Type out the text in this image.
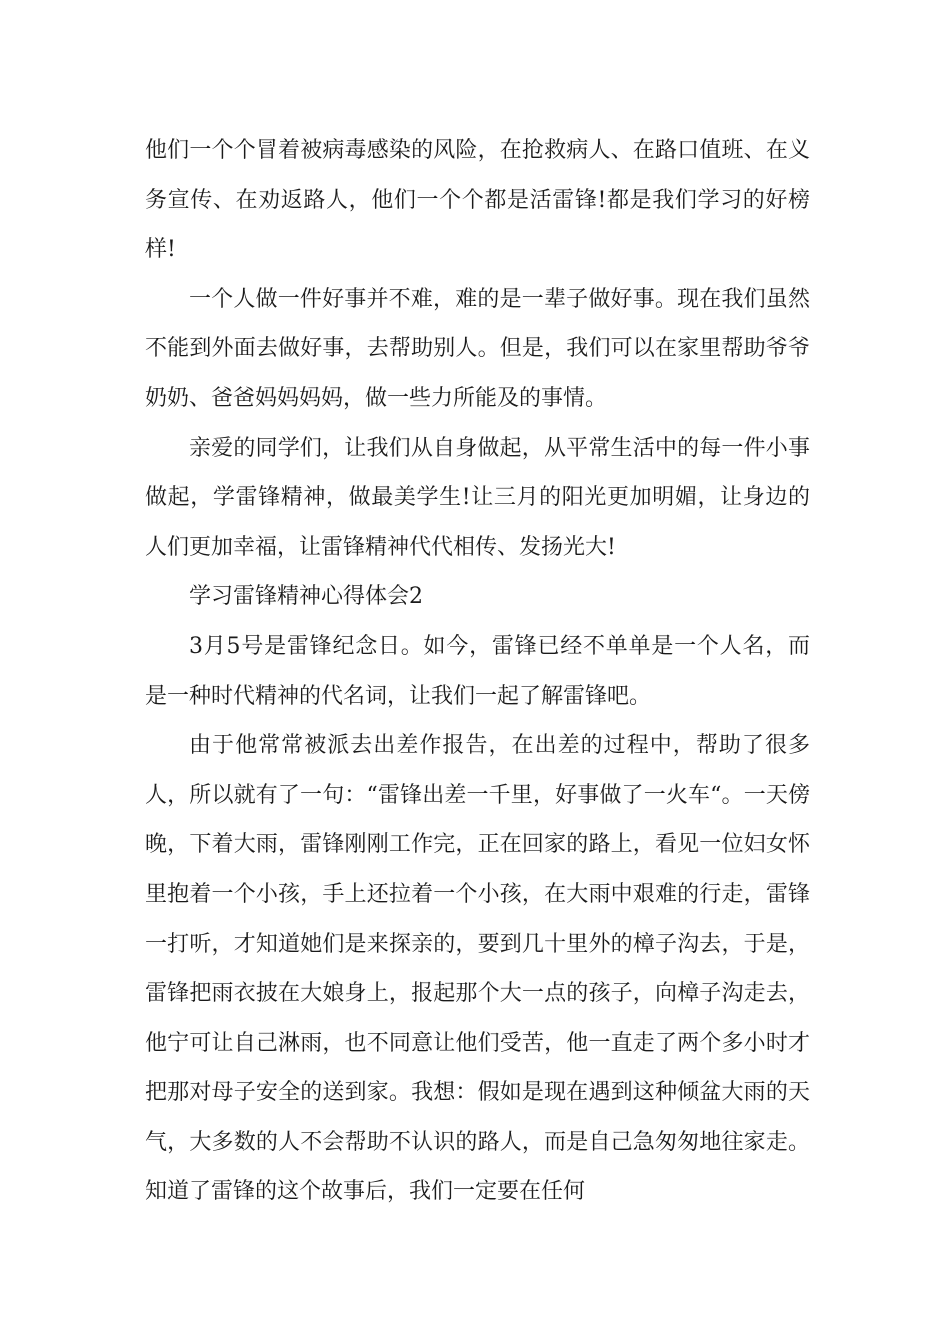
他们一个个冒着被病毒感染的风险，在抢救病人、在路口值班、在义务宣传、在劝返路人，他们一个个都是活雷锋!都是我们学习的好榜样!

一个人做一件好事并不难，难的是一辈子做好事。现在我们虽然不能到外面去做好事，去帮助别人。但是，我们可以在家里帮助爷爷奶奶、爸爸妈妈妈妈，做一些力所能及的事情。

亲爱的同学们，让我们从自身做起，从平常生活中的每一件小事做起，学雷锋精神，做最美学生!让三月的阳光更加明媚，让身边的人们更加幸福，让雷锋精神代代相传、发扬光大!

学习雷锋精神心得体会2

3月5号是雷锋纪念日。如今，雷锋已经不单单是一个人名，而是一种时代精神的代名词，让我们一起了解雷锋吧。

由于他常常被派去出差作报告，在出差的过程中，帮助了很多人，所以就有了一句：“雷锋出差一千里，好事做了一火车“。一天傍晚，下着大雨，雷锋刚刚工作完，正在回家的路上，看见一位妇女怀里抱着一个小孩，手上还拉着一个小孩，在大雨中艰难的行走，雷锋一打听，才知道她们是来探亲的，要到几十里外的樟子沟去，于是，雷锋把雨衣披在大娘身上，报起那个大一点的孩子，向樟子沟走去，他宁可让自己淋雨，也不同意让他们受苦，他一直走了两个多小时才把那对母子安全的送到家。我想：假如是现在遇到这种倾盆大雨的天气，大多数的人不会帮助不认识的路人，而是自己急匆匆地往家走。知道了雷锋的这个故事后，我们一定要在任何
